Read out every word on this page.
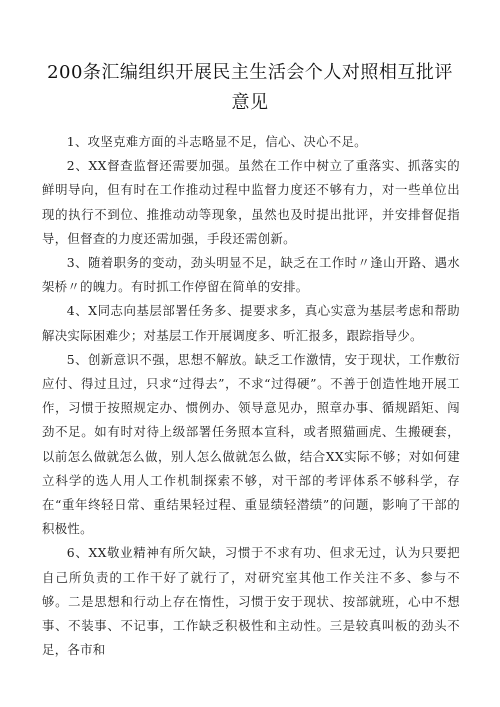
200条汇编组织开展民主生活会个人对照相互批评意见

1、攻坚克难方面的斗志略显不足，信心、决心不足。

2、XX督查监督还需要加强。虽然在工作中树立了重落实、抓落实的鲜明导向，但有时在工作推动过程中监督力度还不够有力，对一些单位出现的执行不到位、推推动动等现象，虽然也及时提出批评，并安排督促指导，但督查的力度还需加强，手段还需创新。

3、随着职务的变动，劲头明显不足，缺乏在工作时〃逢山开路、遇水架桥〃的魄力。有时抓工作停留在简单的安排。

4、X同志向基层部署任务多、提要求多，真心实意为基层考虑和帮助解决实际困难少；对基层工作开展调度多、听汇报多，跟踪指导少。

5、创新意识不强，思想不解放。缺乏工作激情，安于现状，工作敷衍应付、得过且过，只求“过得去”，不求“过得硬”。不善于创造性地开展工作，习惯于按照规定办、惯例办、领导意见办，照章办事、循规蹈矩、闯劲不足。如有时对待上级部署任务照本宣科，或者照猫画虎、生搬硬套，以前怎么做就怎么做，别人怎么做就怎么做，结合XX实际不够；对如何建立科学的选人用人工作机制探索不够，对干部的考评体系不够科学，存在“重年终轻日常、重结果轻过程、重显绩轻潜绩”的问题，影响了干部的积极性。

6、XX敬业精神有所欠缺，习惯于不求有功、但求无过，认为只要把自己所负责的工作干好了就行了，对研究室其他工作关注不多、参与不够。二是思想和行动上存在惰性，习惯于安于现状、按部就班，心中不想事、不装事、不记事，工作缺乏积极性和主动性。三是较真叫板的劲头不足，各市和
